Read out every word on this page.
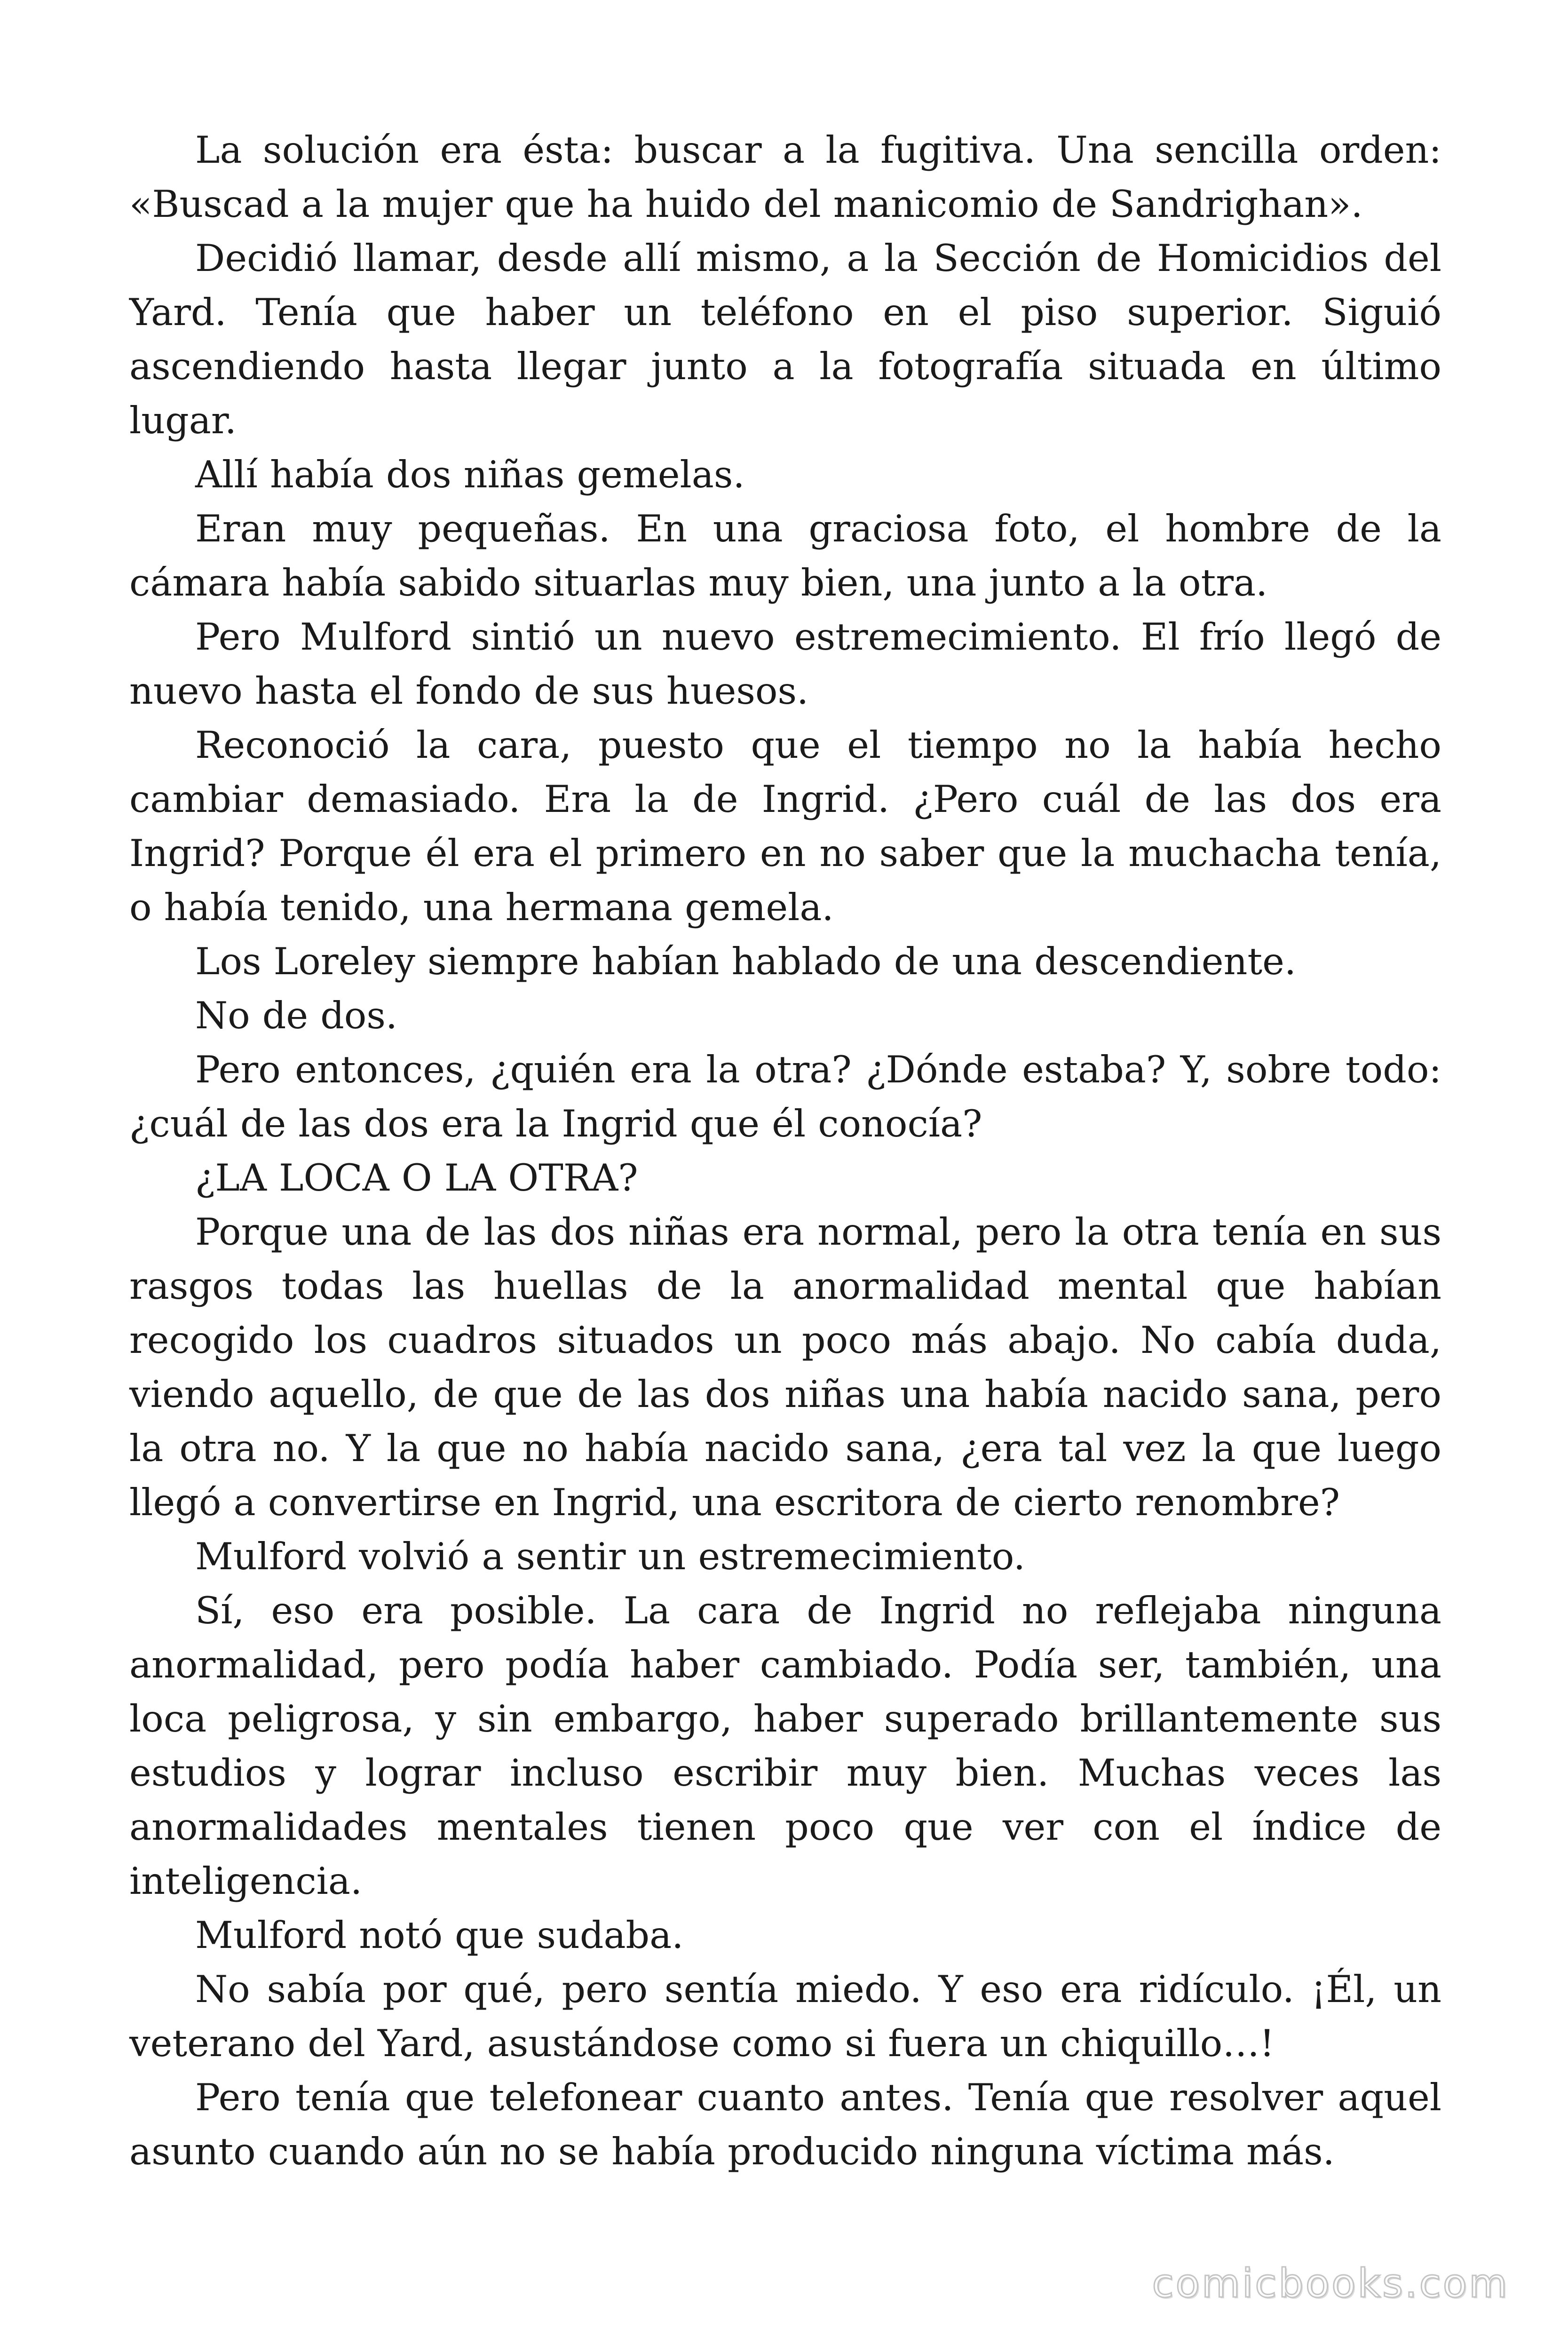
La solución era ésta: buscar a la fugitiva. Una sencilla orden: «Buscad a la mujer que ha huido del manicomio de Sandrighan».

Decidió llamar, desde allí mismo, a la Sección de Homicidios del Yard. Tenía que haber un teléfono en el piso superior. Siguió ascendiendo hasta llegar junto a la fotografía situada en último lugar.

Allí había dos niñas gemelas.

Eran muy pequeñas. En una graciosa foto, el hombre de la cámara había sabido situarlas muy bien, una junto a la otra.

Pero Mulford sintió un nuevo estremecimiento. El frío llegó de nuevo hasta el fondo de sus huesos.

Reconoció la cara, puesto que el tiempo no la había hecho cambiar demasiado. Era la de Ingrid. ¿Pero cuál de las dos era Ingrid? Porque él era el primero en no saber que la muchacha tenía, o había tenido, una hermana gemela.

Los Loreley siempre habían hablado de una descendiente.

No de dos.

Pero entonces, ¿quién era la otra? ¿Dónde estaba? Y, sobre todo: ¿cuál de las dos era la Ingrid que él conocía?

¿LA LOCA O LA OTRA?

Porque una de las dos niñas era normal, pero la otra tenía en sus rasgos todas las huellas de la anormalidad mental que habían recogido los cuadros situados un poco más abajo. No cabía duda, viendo aquello, de que de las dos niñas una había nacido sana, pero la otra no. Y la que no había nacido sana, ¿era tal vez la que luego llegó a convertirse en Ingrid, una escritora de cierto renombre?

Mulford volvió a sentir un estremecimiento.

Sí, eso era posible. La cara de Ingrid no reflejaba ninguna anormalidad, pero podía haber cambiado. Podía ser, también, una loca peligrosa, y sin embargo, haber superado brillantemente sus estudios y lograr incluso escribir muy bien. Muchas veces las anormalidades mentales tienen poco que ver con el índice de inteligencia.

Mulford notó que sudaba.

No sabía por qué, pero sentía miedo. Y eso era ridículo. ¡Él, un veterano del Yard, asustándose como si fuera un chiquillo…!

Pero tenía que telefonear cuanto antes. Tenía que resolver aquel asunto cuando aún no se había producido ninguna víctima más.

comicbooks.com
